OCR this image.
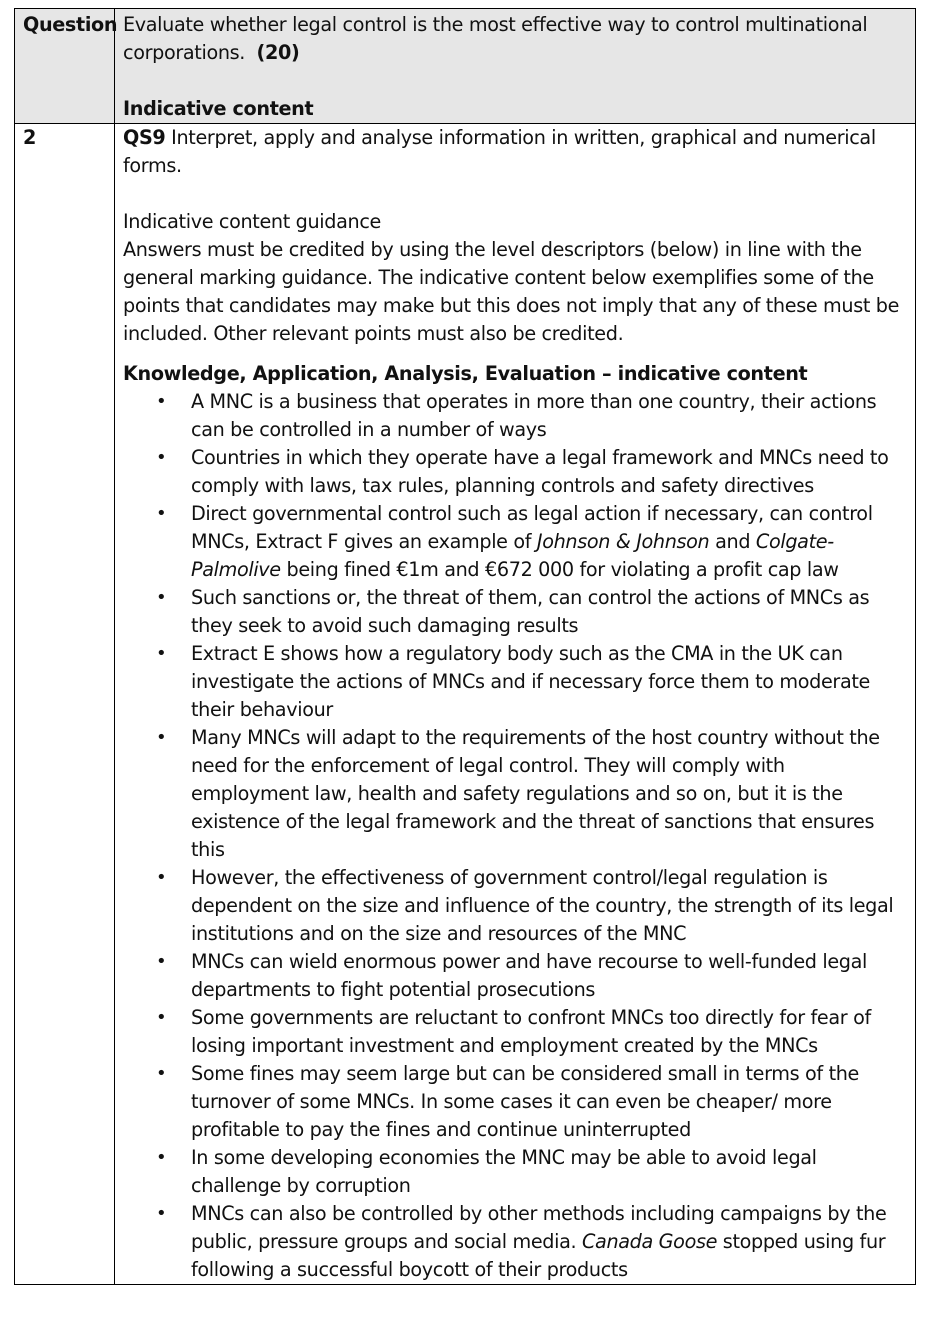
Question	Evaluate whether legal control is the most effective way to control multinational corporations. (20)
Indicative content

2	QS9 Interpret, apply and analyse information in written, graphical and numerical forms.
Indicative content guidance
Answers must be credited by using the level descriptors (below) in line with the general marking guidance. The indicative content below exemplifies some of the points that candidates may make but this does not imply that any of these must be included. Other relevant points must also be credited.
Knowledge, Application, Analysis, Evaluation – indicative content
• A MNC is a business that operates in more than one country, their actions can be controlled in a number of ways
• Countries in which they operate have a legal framework and MNCs need to comply with laws, tax rules, planning controls and safety directives
• Direct governmental control such as legal action if necessary, can control MNCs, Extract F gives an example of Johnson & Johnson and Colgate-Palmolive being fined €1m and €672 000 for violating a profit cap law
• Such sanctions or, the threat of them, can control the actions of MNCs as they seek to avoid such damaging results
• Extract E shows how a regulatory body such as the CMA in the UK can investigate the actions of MNCs and if necessary force them to moderate their behaviour
• Many MNCs will adapt to the requirements of the host country without the need for the enforcement of legal control. They will comply with employment law, health and safety regulations and so on, but it is the existence of the legal framework and the threat of sanctions that ensures this
• However, the effectiveness of government control/legal regulation is dependent on the size and influence of the country, the strength of its legal institutions and on the size and resources of the MNC
• MNCs can wield enormous power and have recourse to well-funded legal departments to fight potential prosecutions
• Some governments are reluctant to confront MNCs too directly for fear of losing important investment and employment created by the MNCs
• Some fines may seem large but can be considered small in terms of the turnover of some MNCs. In some cases it can even be cheaper/ more profitable to pay the fines and continue uninterrupted
• In some developing economies the MNC may be able to avoid legal challenge by corruption
• MNCs can also be controlled by other methods including campaigns by the public, pressure groups and social media. Canada Goose stopped using fur following a successful boycott of their products
